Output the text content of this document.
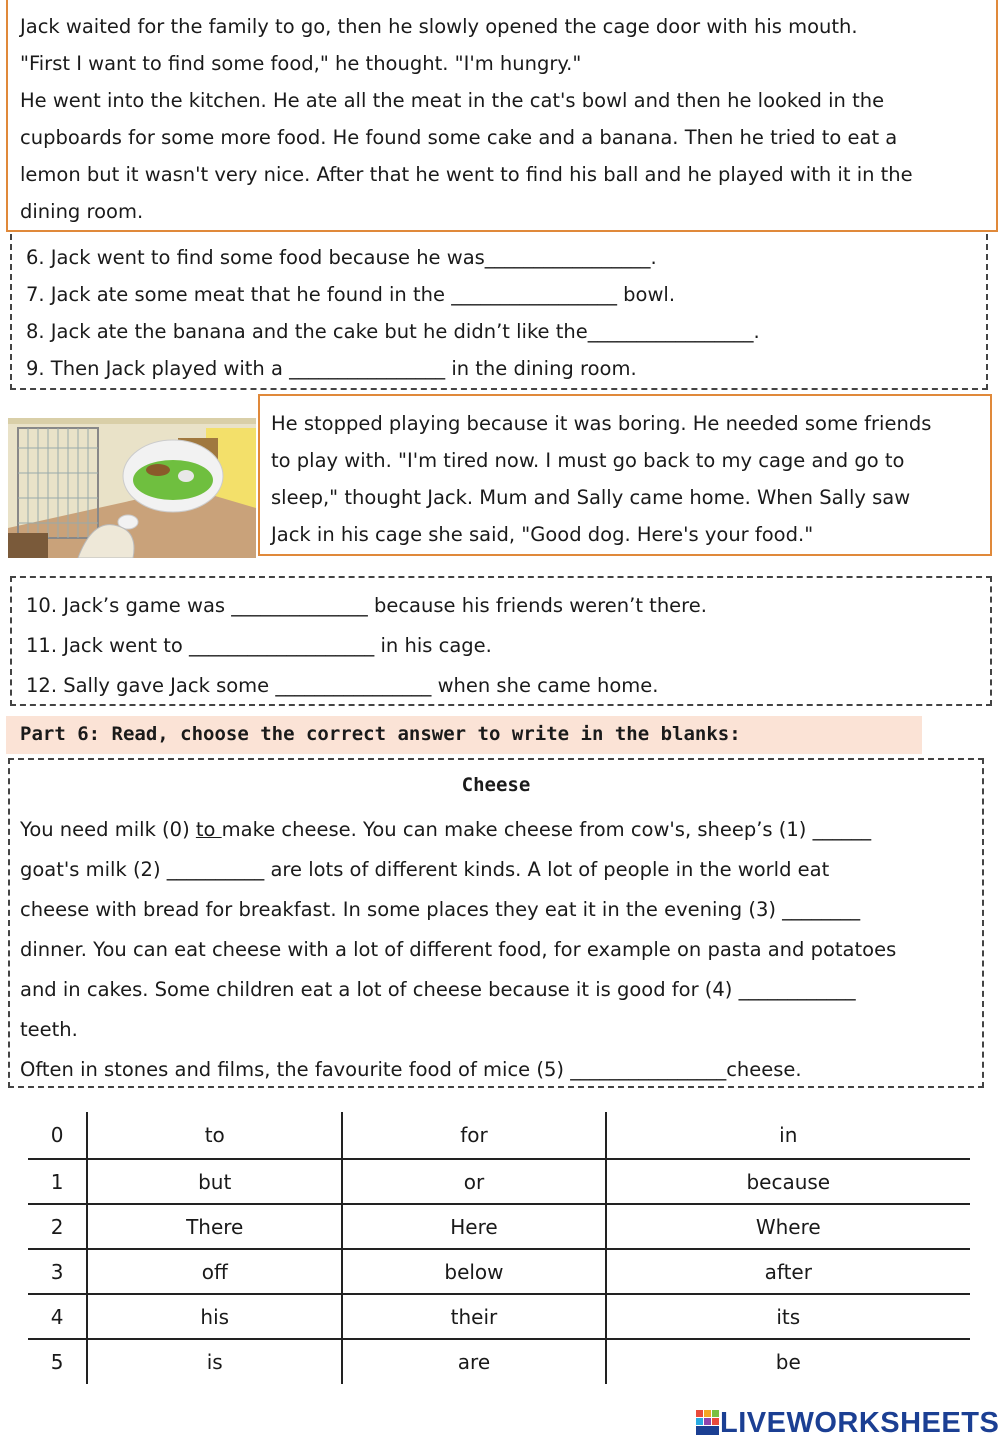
Jack waited for the family to go, then he slowly opened the cage door with his mouth.
"First I want to find some food," he thought. "I'm hungry."
He went into the kitchen. He ate all the meat in the cat's bowl and then he looked in the
cupboards for some more food. He found some cake and a banana. Then he tried to eat a
lemon but it wasn't very nice. After that he went to find his ball and he played with it in the
dining room.
6. Jack went to find some food because he was_________________.
7. Jack ate some meat that he found in the _________________ bowl.
8. Jack ate the banana and the cake but he didn’t like the_________________.
9. Then Jack played with a ________________ in the dining room.
He stopped playing because it was boring. He needed some friends
to play with. "I'm tired now. I must go back to my cage and go to
sleep," thought Jack. Mum and Sally came home. When Sally saw
Jack in his cage she said, "Good dog. Here's your food."
10. Jack’s game was ______________ because his friends weren’t there.
11. Jack went to ___________________ in his cage.
12. Sally gave Jack some ________________ when she came home.
Part 6: Read, choose the correct answer to write in the blanks:
Cheese
You need milk (0) to make cheese. You can make cheese from cow's, sheep’s (1) ______
goat's milk (2) __________ are lots of different kinds. A lot of people in the world eat
cheese with bread for breakfast. In some places they eat it in the evening (3) ________
dinner. You can eat cheese with a lot of different food, for example on pasta and potatoes
and in cakes. Some children eat a lot of cheese because it is good for (4) ____________
teeth.
Often in stones and films, the favourite food of mice (5) ________________cheese.
0	to	for	in
1	but	or	because
2	There	Here	Where
3	off	below	after
4	his	their	its
5	is	are	be
LIVEWORKSHEETS
